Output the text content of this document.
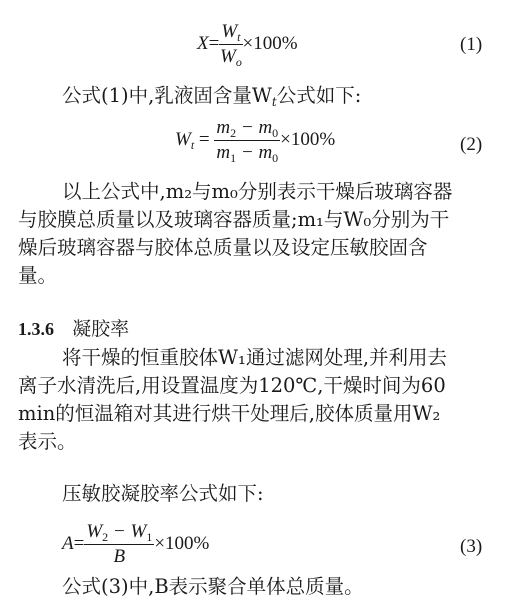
$X= \frac{W_t}{W_o} \times 100\%$	(1)
公式(1)中,乳液固含量$W_t$公式如下:
$W_t = \frac{m_2 - m_0}{m_1 - m_0} \times 100\%$	(2)
以上公式中,m₂与m₀分别表示干燥后玻璃容器
与胶膜总质量以及玻璃容器质量;m₁与W₀分别为干
燥后玻璃容器与胶体总质量以及设定压敏胶固含
量。
1.3.6 凝胶率
将干燥的恒重胶体W₁通过滤网处理,并利用去
离子水清洗后,用设置温度为120℃,干燥时间为60
min的恒温箱对其进行烘干处理后,胶体质量用W₂
表示。
压敏胶凝胶率公式如下:
$A= \frac{W_2 - W_1}{B} \times 100\%$	(3)
公式(3)中,B表示聚合单体总质量。
